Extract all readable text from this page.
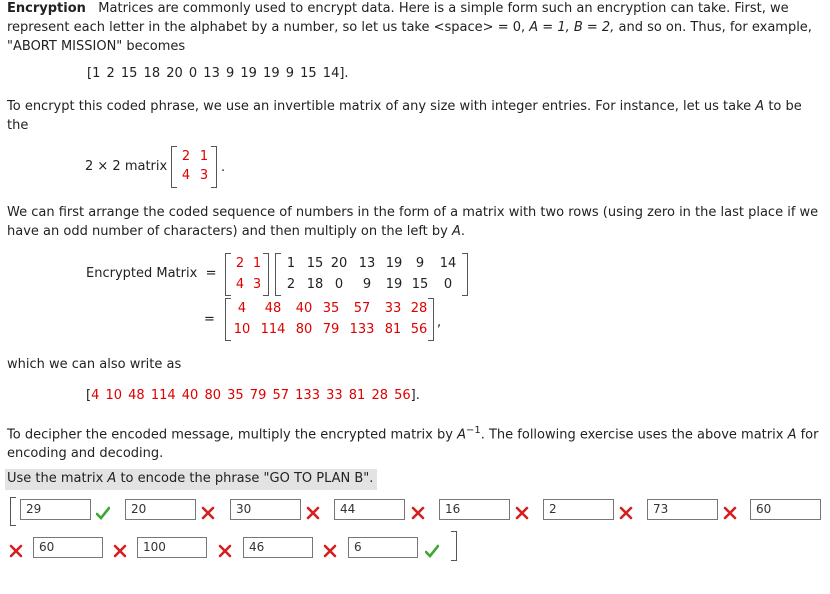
Encryption Matrices are commonly used to encrypt data. Here is a simple form such an encryption can take. First, we
represent each letter in the alphabet by a number, so let us take <space> = 0, A = 1, B = 2, and so on. Thus, for example,
"ABORT MISSION" becomes
[1 2 15 18 20 0 13 9 19 19 9 15 14].
To encrypt this coded phrase, we use an invertible matrix of any size with integer entries. For instance, let us take A to be
the
2 × 2 matrix
2 1
4 3
.
We can first arrange the coded sequence of numbers in the form of a matrix with two rows (using zero in the last place if we
have an odd number of characters) and then multiply on the left by A.
Encrypted Matrix =
2 1
4 3
1 15 20 13 19	9	14
2 18 0	9	19 15	0
=
4	48	40 35	57	33 28
10 114 80 79 133 81 56 ,
which we can also write as
[4 10 48 114 40 80 35 79 57 133 33 81 28 56].
To decipher the encoded message, multiply the encrypted matrix by $A^{-1}$. The following exercise uses the above matrix A for
encoding and decoding.
Use the matrix A to encode the phrase "GO TO PLAN B".
29	20	30	44	16	2	73	60
60	100	46	6
